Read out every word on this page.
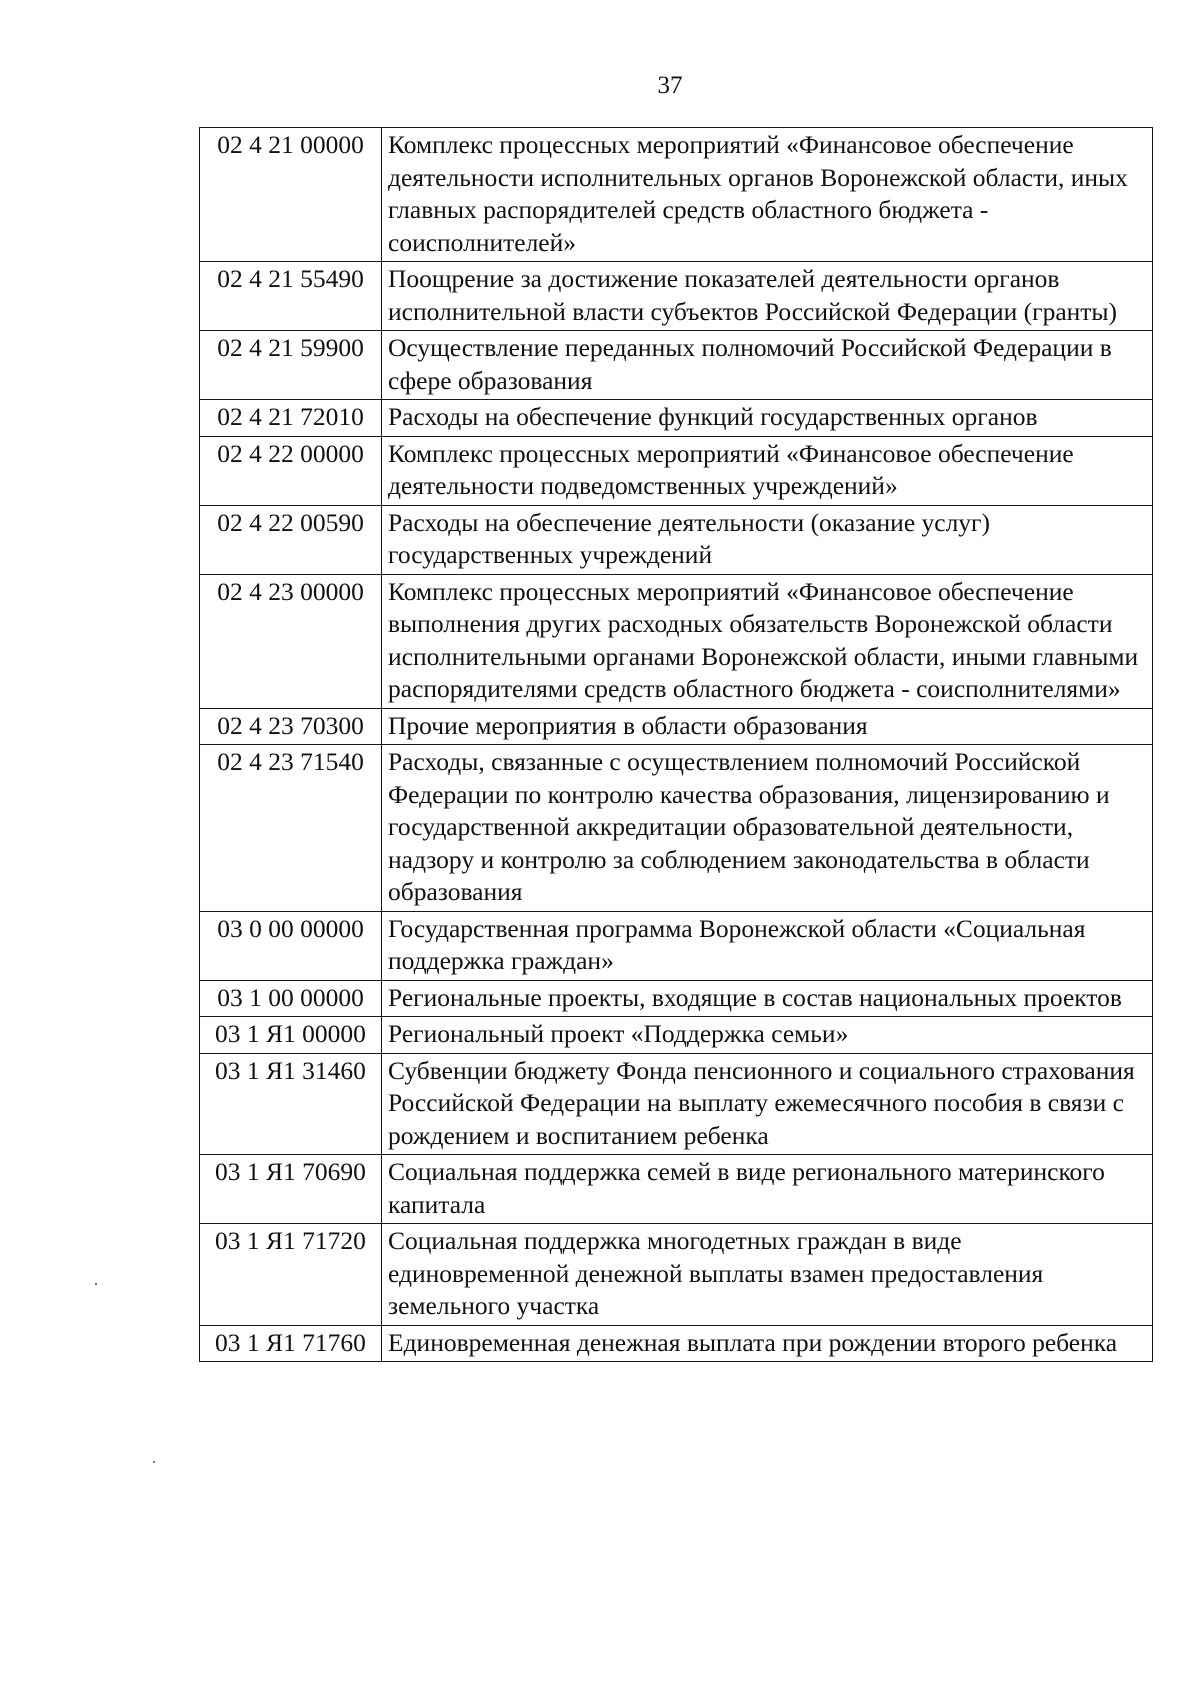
37
02 4 21 00000	Комплекс процессных мероприятий «Финансовое обеспечение деятельности исполнительных органов Воронежской области, иных главных распорядителей средств областного бюджета - соисполнителей»
02 4 21 55490	Поощрение за достижение показателей деятельности органов исполнительной власти субъектов Российской Федерации (гранты)
02 4 21 59900	Осуществление переданных полномочий Российской Федерации в сфере образования
02 4 21 72010	Расходы на обеспечение функций государственных органов
02 4 22 00000	Комплекс процессных мероприятий «Финансовое обеспечение деятельности подведомственных учреждений»
02 4 22 00590	Расходы на обеспечение деятельности (оказание услуг) государственных учреждений
02 4 23 00000	Комплекс процессных мероприятий «Финансовое обеспечение выполнения других расходных обязательств Воронежской области исполнительными органами Воронежской области, иными главными распорядителями средств областного бюджета - соисполнителями»
02 4 23 70300	Прочие мероприятия в области образования
02 4 23 71540	Расходы, связанные с осуществлением полномочий Российской Федерации по контролю качества образования, лицензированию и государственной аккредитации образовательной деятельности, надзору и контролю за соблюдением законодательства в области образования
03 0 00 00000	Государственная программа Воронежской области «Социальная поддержка граждан»
03 1 00 00000	Региональные проекты, входящие в состав национальных проектов
03 1 Я1 00000	Региональный проект «Поддержка семьи»
03 1 Я1 31460	Субвенции бюджету Фонда пенсионного и социального страхования Российской Федерации на выплату ежемесячного пособия в связи с рождением и воспитанием ребенка
03 1 Я1 70690	Социальная поддержка семей в виде регионального материнского капитала
03 1 Я1 71720	Социальная поддержка многодетных граждан в виде единовременной денежной выплаты взамен предоставления земельного участка
03 1 Я1 71760	Единовременная денежная выплата при рождении второго ребенка
